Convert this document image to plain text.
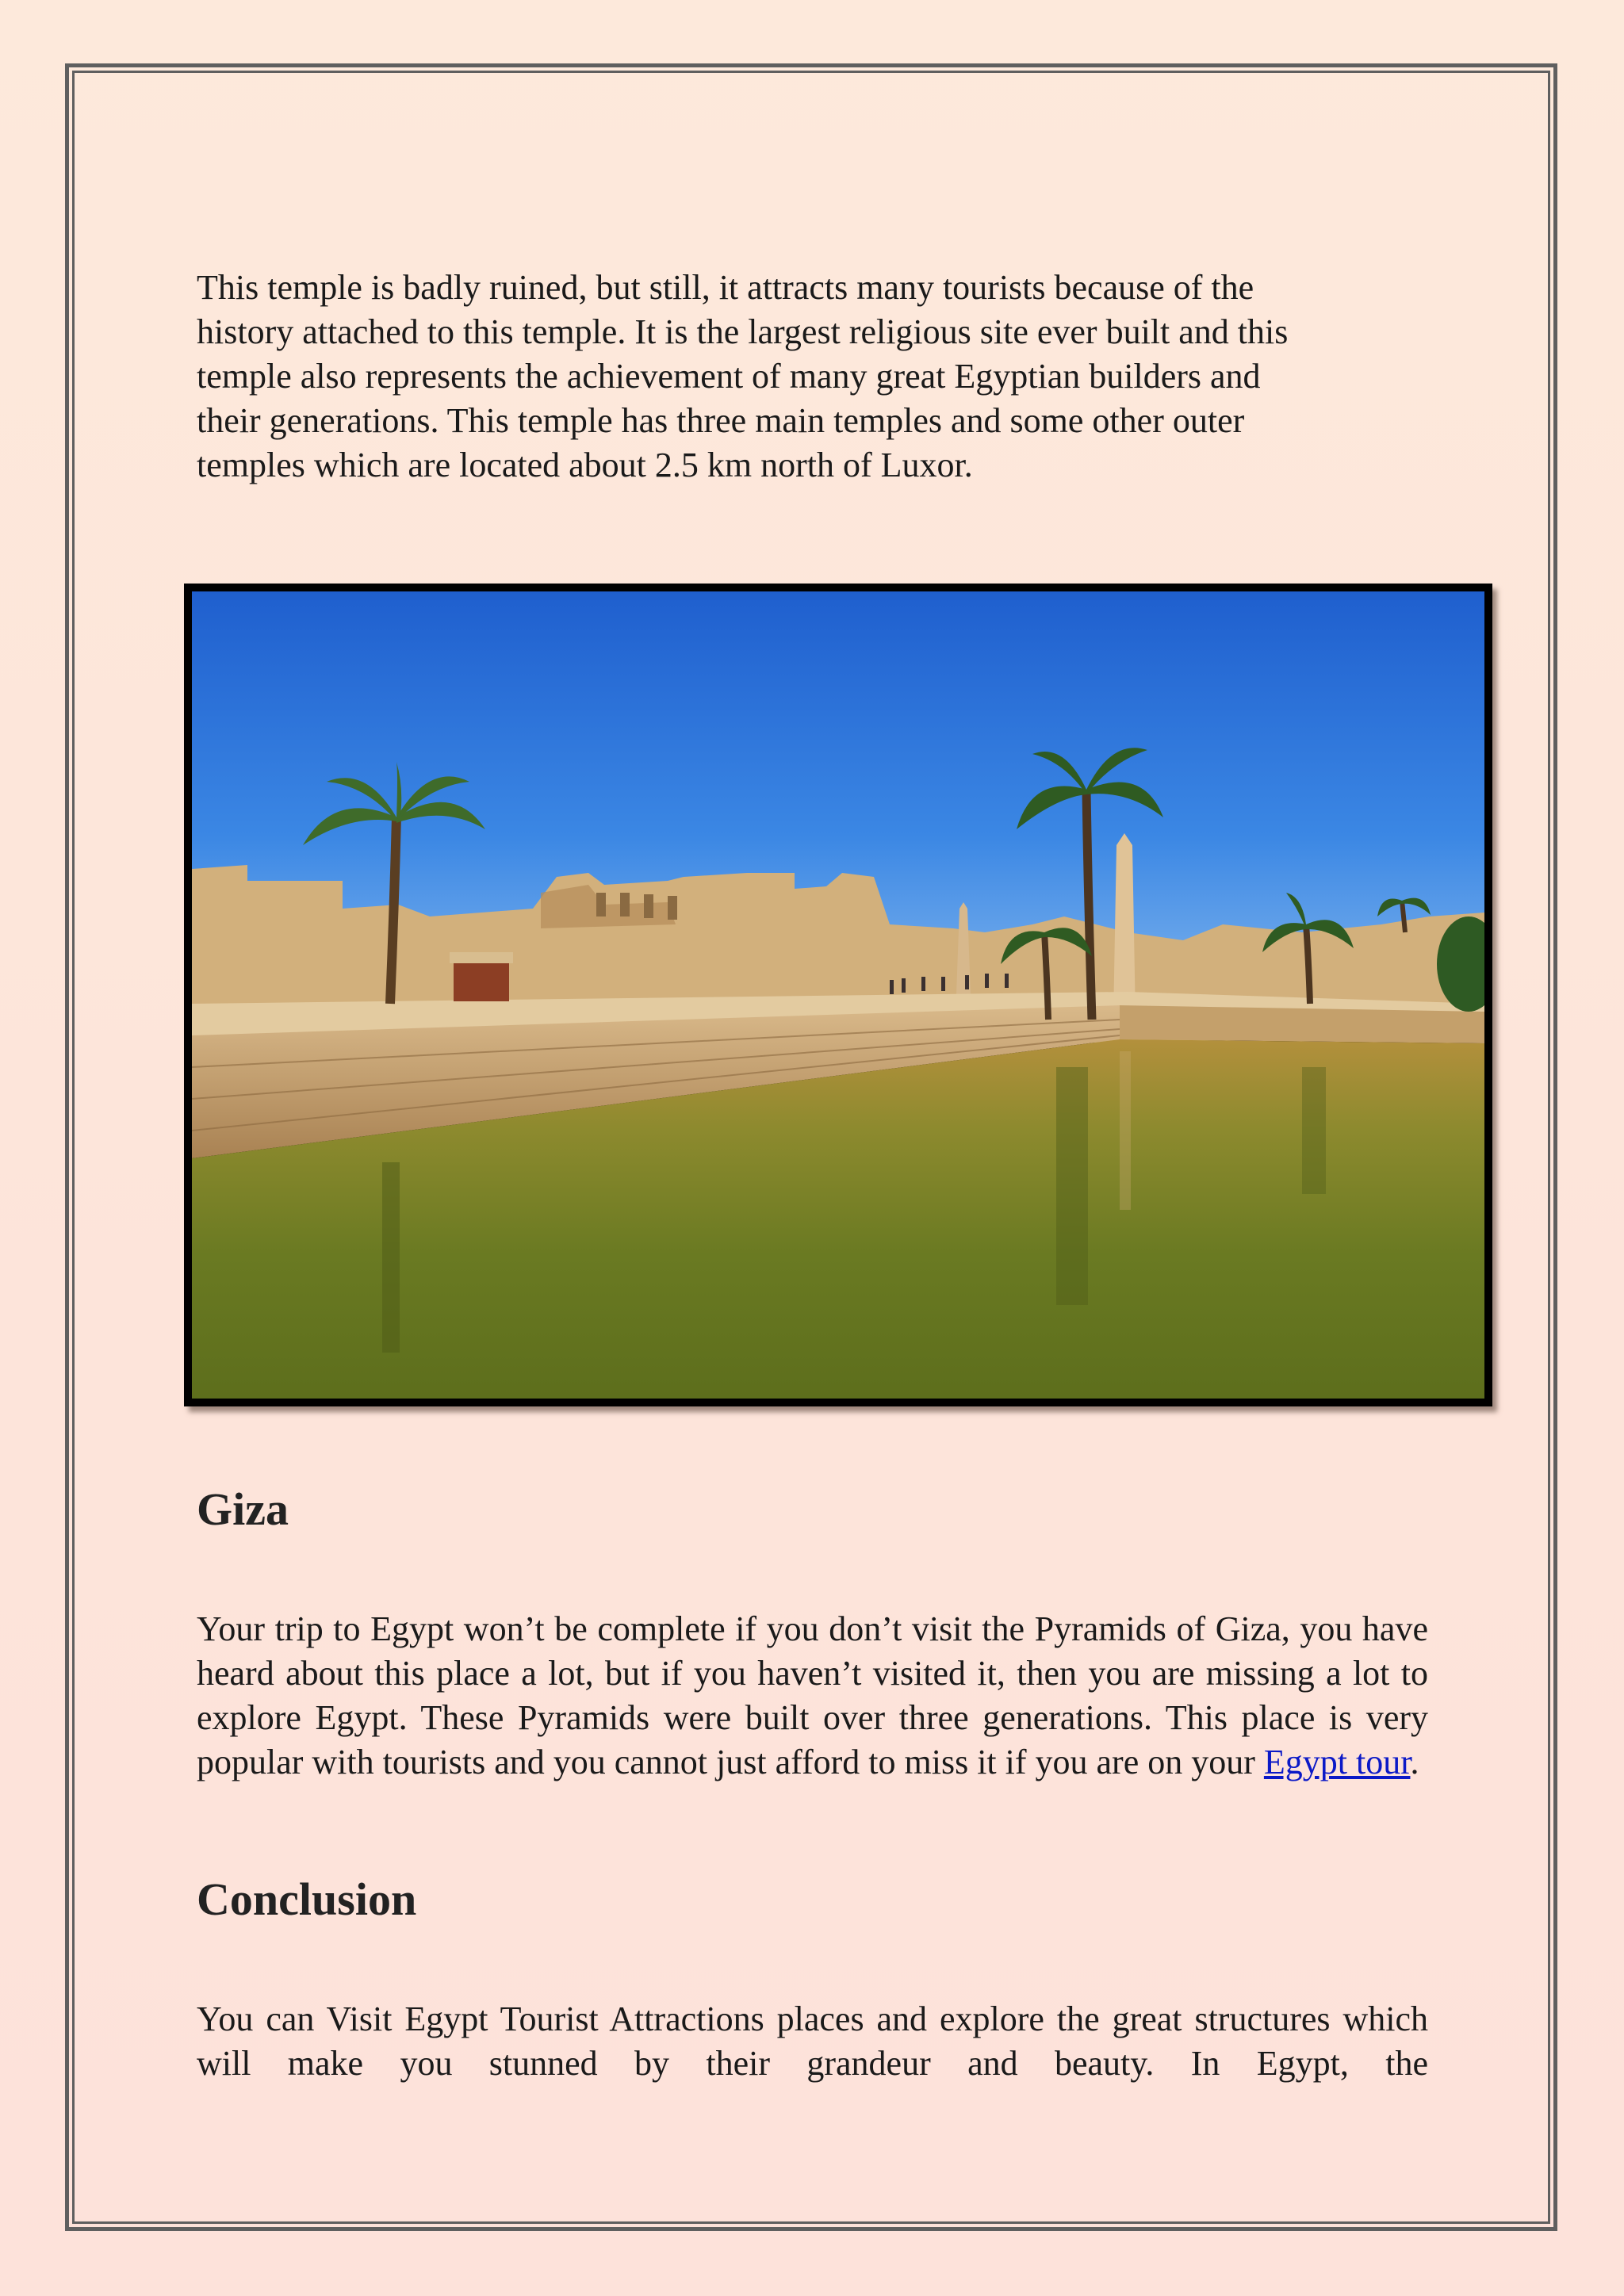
This temple is badly ruined, but still, it attracts many tourists because of the
history attached to this temple. It is the largest religious site ever built and this
temple also represents the achievement of many great Egyptian builders and
their generations. This temple has three main temples and some other outer
temples which are located about 2.5 km north of Luxor.
Giza

Your trip to Egypt won’t be complete if you don’t visit the Pyramids of Giza, you have heard about this place a lot, but if you haven’t visited it, then you are missing a lot to explore Egypt. These Pyramids were built over three generations. This place is very popular with tourists and you cannot just afford to miss it if you are on your Egypt tour.

Conclusion

You can Visit Egypt Tourist Attractions places and explore the great structures which will make you stunned by their grandeur and beauty. In Egypt, the
